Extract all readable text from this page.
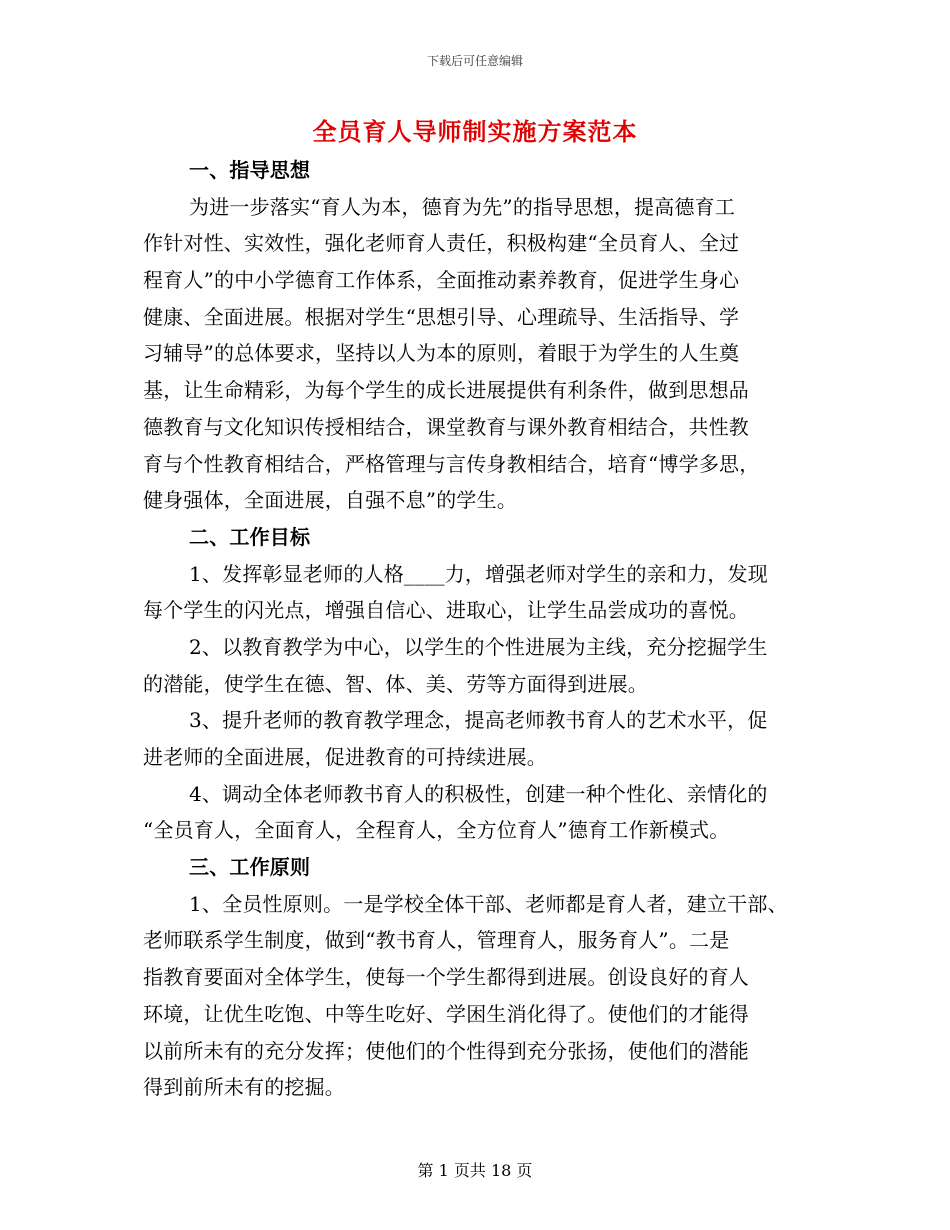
下载后可任意编辑
全员育人导师制实施方案范本
一、指导思想
为进一步落实“育人为本，德育为先”的指导思想，提高德育工
作针对性、实效性，强化老师育人责任，积极构建“全员育人、全过
程育人”的中小学德育工作体系，全面推动素养教育，促进学生身心
健康、全面进展。根据对学生“思想引导、心理疏导、生活指导、学
习辅导”的总体要求，坚持以人为本的原则，着眼于为学生的人生奠
基，让生命精彩，为每个学生的成长进展提供有利条件，做到思想品
德教育与文化知识传授相结合，课堂教育与课外教育相结合，共性教
育与个性教育相结合，严格管理与言传身教相结合，培育“博学多思，
健身强体，全面进展，自强不息”的学生。
二、工作目标
1、发挥彰显老师的人格____力，增强老师对学生的亲和力，发现
每个学生的闪光点，增强自信心、进取心，让学生品尝成功的喜悦。
2、以教育教学为中心，以学生的个性进展为主线，充分挖掘学生
的潜能，使学生在德、智、体、美、劳等方面得到进展。
3、提升老师的教育教学理念，提高老师教书育人的艺术水平，促
进老师的全面进展，促进教育的可持续进展。
4、调动全体老师教书育人的积极性，创建一种个性化、亲情化的
“全员育人，全面育人，全程育人，全方位育人”德育工作新模式。
三、工作原则
1、全员性原则。一是学校全体干部、老师都是育人者，建立干部、
老师联系学生制度，做到“教书育人，管理育人，服务育人”。二是
指教育要面对全体学生，使每一个学生都得到进展。创设良好的育人
环境，让优生吃饱、中等生吃好、学困生消化得了。使他们的才能得
以前所未有的充分发挥；使他们的个性得到充分张扬，使他们的潜能
得到前所未有的挖掘。
第 1 页共 18 页
